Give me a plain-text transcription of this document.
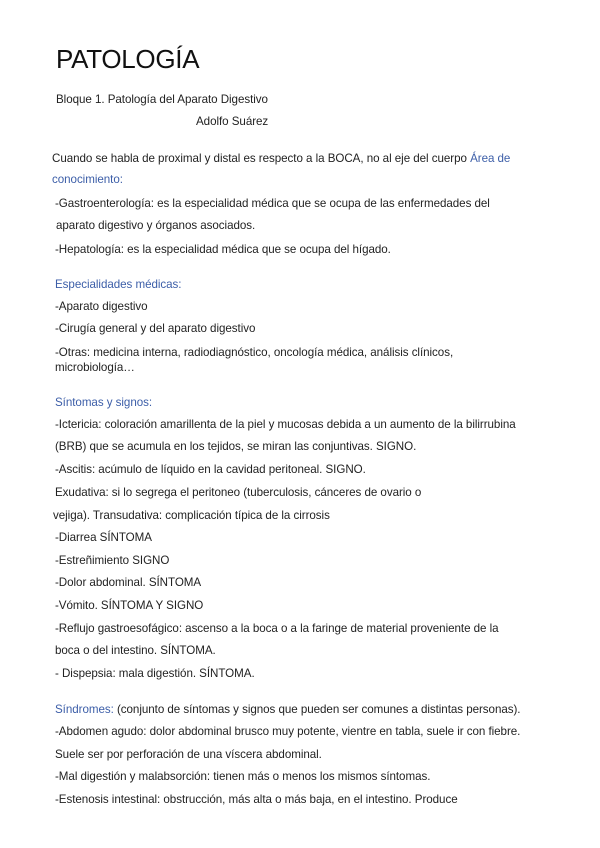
PATOLOGÍA
Bloque 1. Patología del Aparato Digestivo
Adolfo Suárez
Cuando se habla de proximal y distal es respecto a la BOCA, no al eje del cuerpo Área de
conocimiento:
-Gastroenterología: es la especialidad médica que se ocupa de las enfermedades del
aparato digestivo y órganos asociados.
-Hepatología: es la especialidad médica que se ocupa del hígado.
Especialidades médicas:
-Aparato digestivo
-Cirugía general y del aparato digestivo
-Otras: medicina interna, radiodiagnóstico, oncología médica, análisis clínicos,
microbiología…
Síntomas y signos:
-Ictericia: coloración amarillenta de la piel y mucosas debida a un aumento de la bilirrubina
(BRB) que se acumula en los tejidos, se miran las conjuntivas. SIGNO.
-Ascitis: acúmulo de líquido en la cavidad peritoneal. SIGNO.
Exudativa: si lo segrega el peritoneo (tuberculosis, cánceres de ovario o
vejiga). Transudativa: complicación típica de la cirrosis
-Diarrea SÍNTOMA
-Estreñimiento SIGNO
-Dolor abdominal. SÍNTOMA
-Vómito. SÍNTOMA Y SIGNO
-Reflujo gastroesofágico: ascenso a la boca o a la faringe de material proveniente de la
boca o del intestino. SÍNTOMA.
- Dispepsia: mala digestión. SÍNTOMA.
Síndromes: (conjunto de síntomas y signos que pueden ser comunes a distintas personas).
-Abdomen agudo: dolor abdominal brusco muy potente, vientre en tabla, suele ir con fiebre.
Suele ser por perforación de una víscera abdominal.
-Mal digestión y malabsorción: tienen más o menos los mismos síntomas.
-Estenosis intestinal: obstrucción, más alta o más baja, en el intestino. Produce
